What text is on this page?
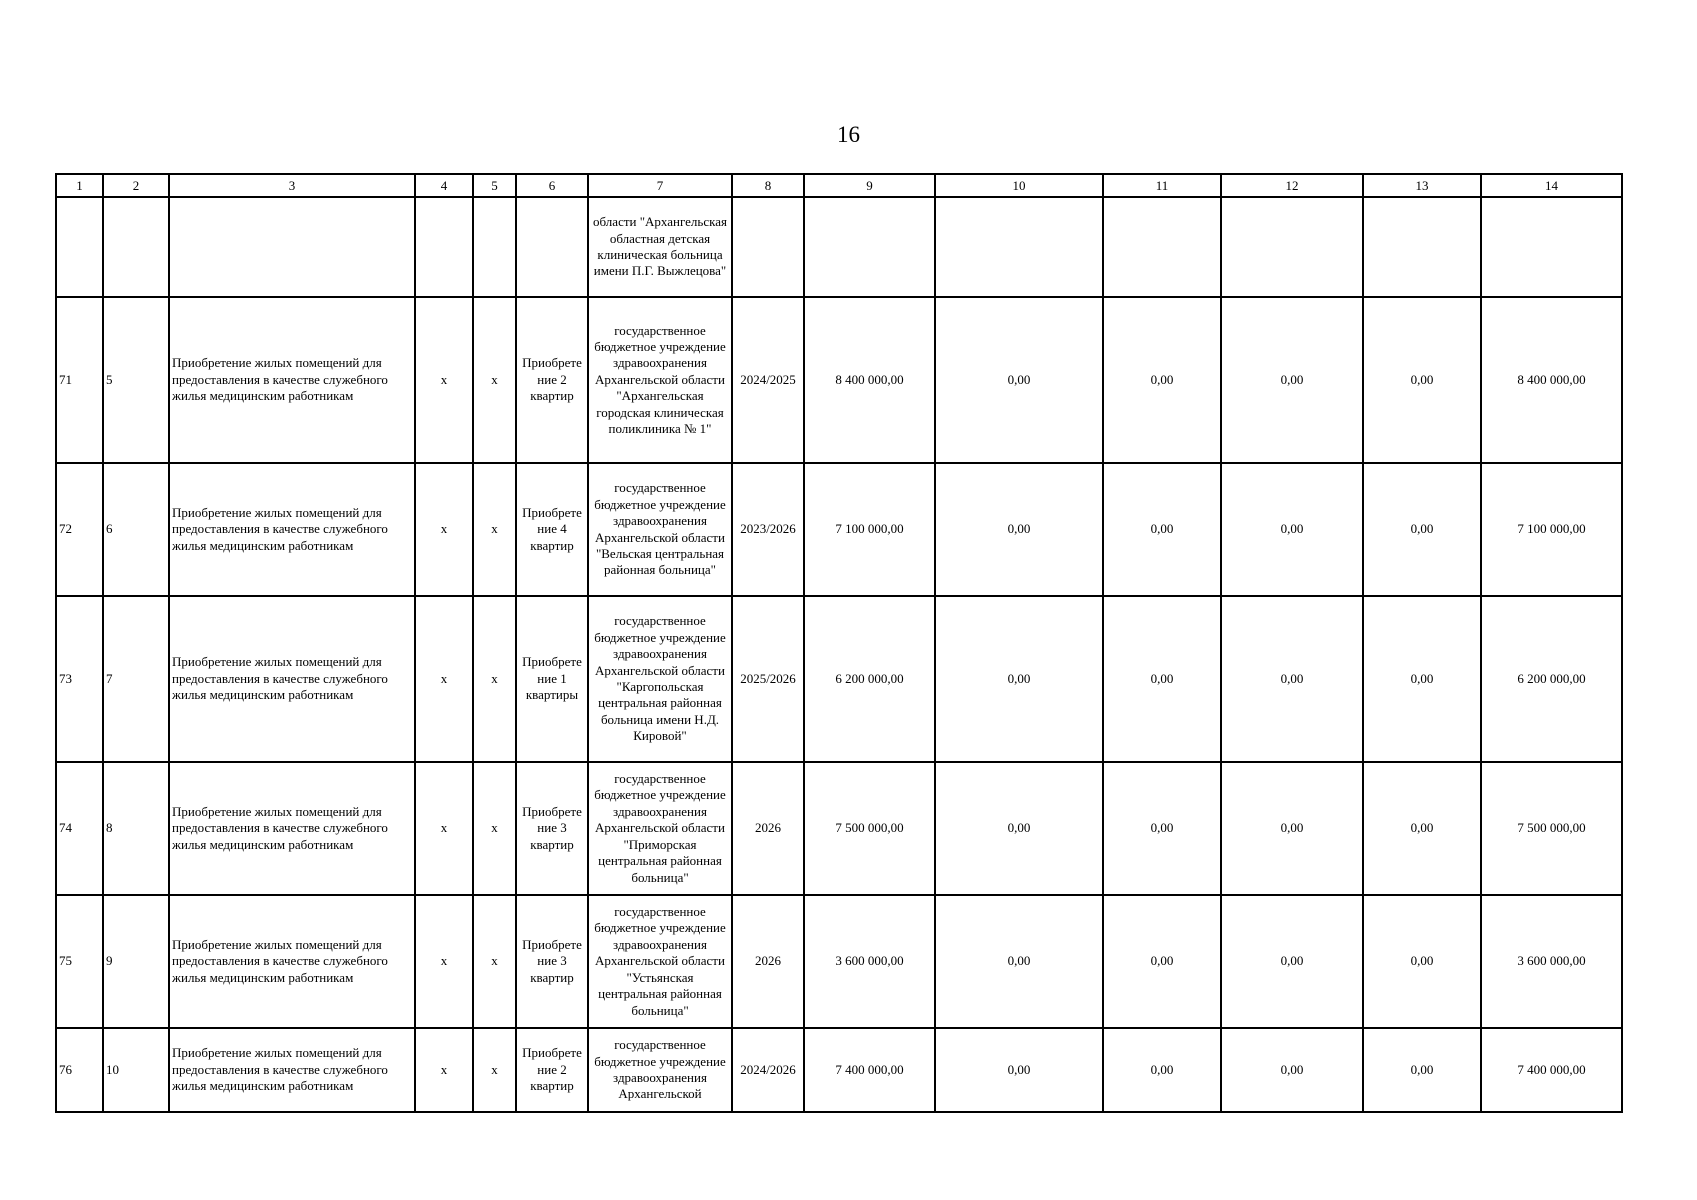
16
1	2	3	4	5	6	7	8	9	10	11	12	13	14
						области "Архангельская областная детская клиническая больница имени П.Г. Выжлецова"							
71	5	Приобретение жилых помещений для предоставления в качестве служебного жилья медицинским работникам	х	х	Приобретение 2 квартир	государственное бюджетное учреждение здравоохранения Архангельской области "Архангельская городская клиническая поликлиника № 1"	2024/2025	8 400 000,00	0,00	0,00	0,00	0,00	8 400 000,00
72	6	Приобретение жилых помещений для предоставления в качестве служебного жилья медицинским работникам	х	х	Приобретение 4 квартир	государственное бюджетное учреждение здравоохранения Архангельской области "Вельская центральная районная больница"	2023/2026	7 100 000,00	0,00	0,00	0,00	0,00	7 100 000,00
73	7	Приобретение жилых помещений для предоставления в качестве служебного жилья медицинским работникам	х	х	Приобретение 1 квартиры	государственное бюджетное учреждение здравоохранения Архангельской области "Каргопольская центральная районная больница имени Н.Д. Кировой"	2025/2026	6 200 000,00	0,00	0,00	0,00	0,00	6 200 000,00
74	8	Приобретение жилых помещений для предоставления в качестве служебного жилья медицинским работникам	х	х	Приобретение 3 квартир	государственное бюджетное учреждение здравоохранения Архангельской области "Приморская центральная районная больница"	2026	7 500 000,00	0,00	0,00	0,00	0,00	7 500 000,00
75	9	Приобретение жилых помещений для предоставления в качестве служебного жилья медицинским работникам	х	х	Приобретение 3 квартир	государственное бюджетное учреждение здравоохранения Архангельской области "Устьянская центральная районная больница"	2026	3 600 000,00	0,00	0,00	0,00	0,00	3 600 000,00
76	10	Приобретение жилых помещений для предоставления в качестве служебного жилья медицинским работникам	х	х	Приобретение 2 квартир	государственное бюджетное учреждение здравоохранения Архангельской	2024/2026	7 400 000,00	0,00	0,00	0,00	0,00	7 400 000,00
